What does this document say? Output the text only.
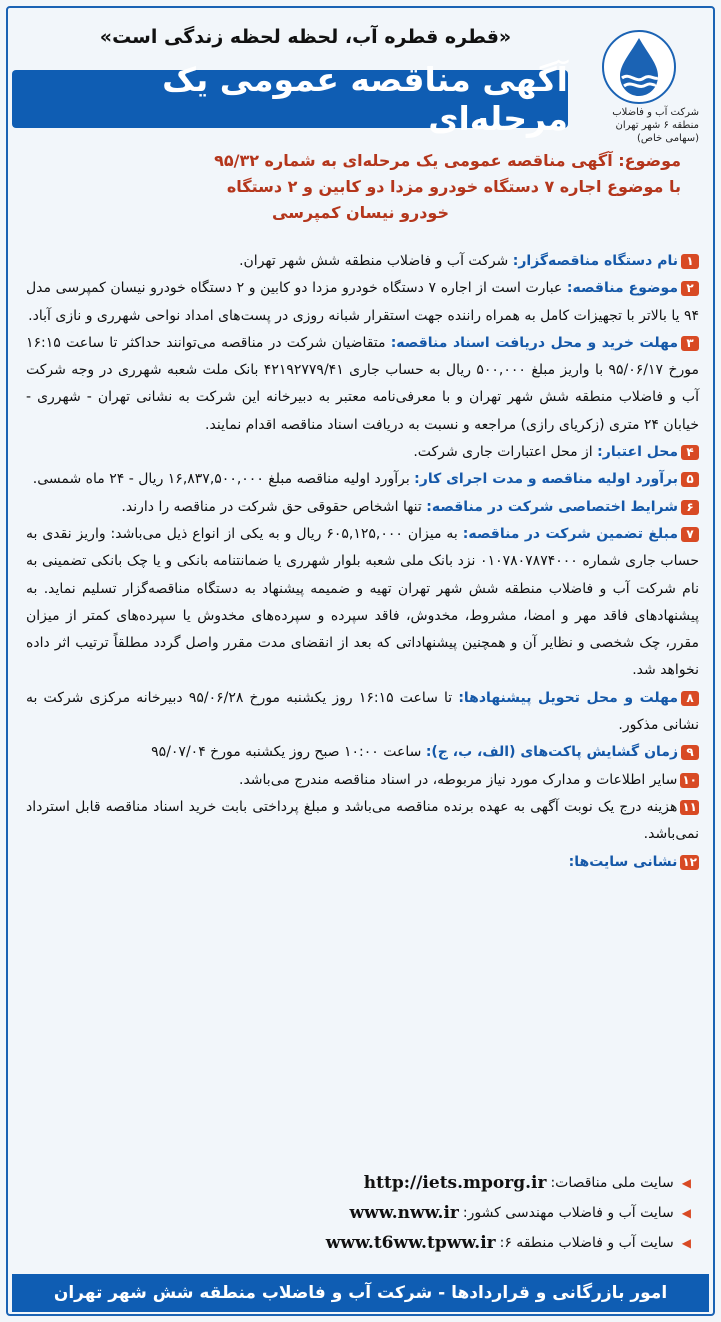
«قطره قطره آب، لحظه لحظه زندگی است»
آگهی مناقصه عمومی یک مرحله‌ای	شرکت آب و فاضلاب
منطقه ۶ شهر تهران
(سهامی خاص)
موضوع: آگهی مناقصه عمومی یک مرحله‌ای به شماره ۹۵/۳۲
با موضوع اجاره ۷ دستگاه خودرو مزدا دو کابین و ۲ دستگاه
خودرو نیسان کمپرسی

۱نام دستگاه مناقصه‌گزار: شرکت آب و فاضلاب منطقه شش شهر تهران.

۲موضوع مناقصه: عبارت است از اجاره ۷ دستگاه خودرو مزدا دو کابین و ۲ دستگاه خودرو نیسان کمپرسی مدل ۹۴ یا بالاتر با تجهیزات کامل به همراه راننده جهت استقرار شبانه روزی در پست‌های امداد نواحی شهرری و نازی آباد.

۳مهلت خرید و محل دریافت اسناد مناقصه: متقاضیان شرکت در مناقصه می‌توانند حداکثر تا ساعت ۱۶:۱۵ مورخ ۹۵/۰۶/۱۷ با واریز مبلغ ۵۰۰,۰۰۰ ریال به حساب جاری ۴۲۱۹۲۷۷۹/۴۱ بانک ملت شعبه شهرری در وجه شرکت آب و فاضلاب منطقه شش شهر تهران و با معرفی‌نامه معتبر به دبیرخانه این شرکت به نشانی تهران - شهرری - خیابان ۲۴ متری (زکریای رازی) مراجعه و نسبت به دریافت اسناد مناقصه اقدام نمایند.

۴محل اعتبار: از محل اعتبارات جاری شرکت.

۵برآورد اولیه مناقصه و مدت اجرای کار: برآورد اولیه مناقصه مبلغ ۱۶,۸۳۷,۵۰۰,۰۰۰ ریال - ۲۴ ماه شمسی.

۶شرایط اختصاصی شرکت در مناقصه: تنها اشخاص حقوقی حق شرکت در مناقصه را دارند.

۷مبلغ تضمین شرکت در مناقصه: به میزان ۶۰۵,۱۲۵,۰۰۰ ریال و به یکی از انواع ذیل می‌باشد: واریز نقدی به حساب جاری شماره ۰۱۰۷۸۰۷۸۷۴۰۰۰ نزد بانک ملی شعبه بلوار شهرری یا ضمانتنامه بانکی و یا چک بانکی تضمینی به نام شرکت آب و فاضلاب منطقه شش شهر تهران تهیه و ضمیمه پیشنهاد به دستگاه مناقصه‌گزار تسلیم نماید. به پیشنهادهای فاقد مهر و امضا، مشروط، مخدوش، فاقد سپرده و سپرده‌های مخدوش یا سپرده‌های کمتر از میزان مقرر، چک شخصی و نظایر آن و همچنین پیشنهاداتی که بعد از انقضای مدت مقرر واصل گردد مطلقاً ترتیب اثر داده نخواهد شد.

۸مهلت و محل تحویل پیشنهادها: تا ساعت ۱۶:۱۵ روز یکشنبه مورخ ۹۵/۰۶/۲۸ دبیرخانه مرکزی شرکت به نشانی مذکور.

۹زمان گشایش پاکت‌های (الف، ب، ج): ساعت ۱۰:۰۰ صبح روز یکشنبه مورخ ۹۵/۰۷/۰۴

۱۰سایر اطلاعات و مدارک مورد نیاز مربوطه، در اسناد مناقصه مندرج می‌باشد.

۱۱هزینه درج یک نوبت آگهی به عهده برنده مناقصه می‌باشد و مبلغ پرداختی بابت خرید اسناد مناقصه قابل استرداد نمی‌باشد.

۱۲نشانی سایت‌ها:

◀
سایت ملی مناقصات:
http://iets.mporg.ir
◀
سایت آب و فاضلاب مهندسی کشور:
www.nww.ir
◀
سایت آب و فاضلاب منطقه ۶:
www.t6ww.tpww.ir
امور بازرگانی و قراردادها - شرکت آب و فاضلاب منطقه شش شهر تهران
